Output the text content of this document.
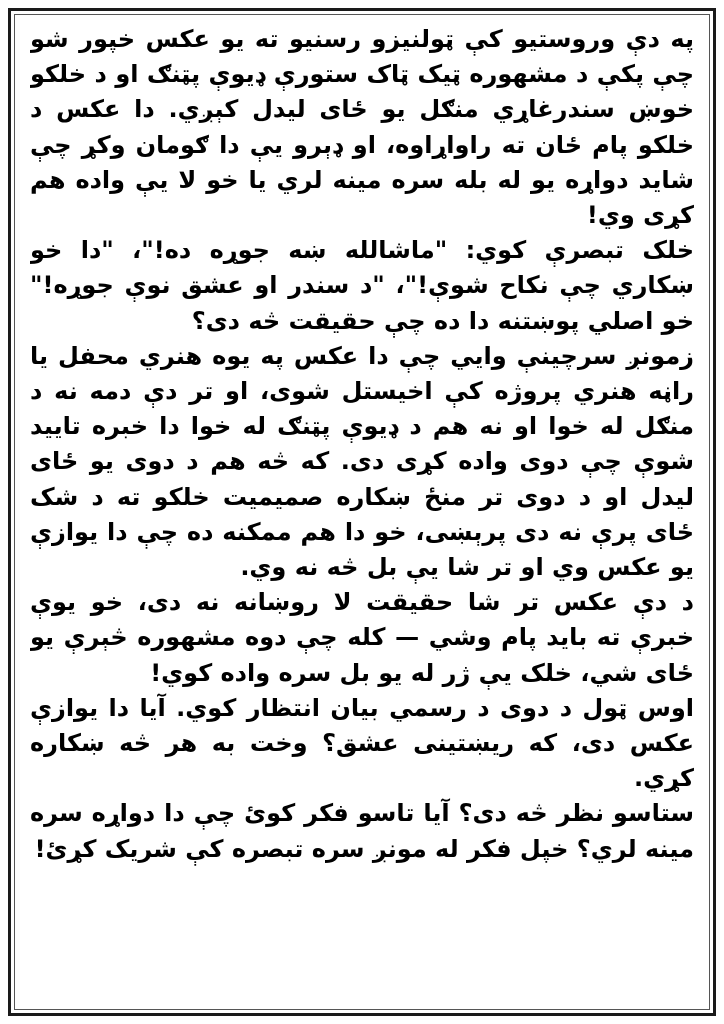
په دې وروستیو کې ټولنیزو رسنیو ته یو عکس خپور شو چې پکې د مشهوره ټیک ټاک ستورې ډیوې پټنګ او د خلکو خوښ سندرغاړي منګل یو ځای لیدل کېږي. دا عکس د خلکو پام ځان ته راواړاوه، او ډېرو یې دا ګومان وکړ چې شاید دواړه یو له بله سره مینه لري یا خو لا یې واده هم کړی وي!

خلک تبصرې کوي: "ماشالله ښه جوړه ده!"، "دا خو ښکاري چې نکاح شوې!"، "د سندر او عشق نوې جوړه!" خو اصلي پوښتنه دا ده چې حقیقت څه دی؟

زمونږ سرچینې وایي چې دا عکس په یوه هنري محفل یا راڼه هنري پروژه کې اخیستل شوی، او تر دې دمه نه د منګل له خوا او نه هم د ډیوې پټنګ له خوا دا خبره تایید شوې چې دوی واده کړی دی. که څه هم د دوی یو ځای لیدل او د دوی تر منځ ښکاره صمیمیت خلکو ته د شک ځای پرې نه دی پرېښی، خو دا هم ممکنه ده چې دا یوازې یو عکس وي او تر شا یې بل څه نه وي.

د دې عکس تر شا حقیقت لا روښانه نه دی، خو یوې خبرې ته باید پام وشي — کله چې دوه مشهوره څېرې یو ځای شي، خلک یې ژر له یو بل سره واده کوي!

اوس ټول د دوی د رسمي بیان انتظار کوي. آیا دا یوازې عکس دی، که ریښتینی عشق؟ وخت به هر څه ښکاره کړي.

ستاسو نظر څه دی؟ آیا تاسو فکر کوئ چې دا دواړه سره مینه لري؟ خپل فکر له مونږ سره تبصره کې شریک کړئ!
